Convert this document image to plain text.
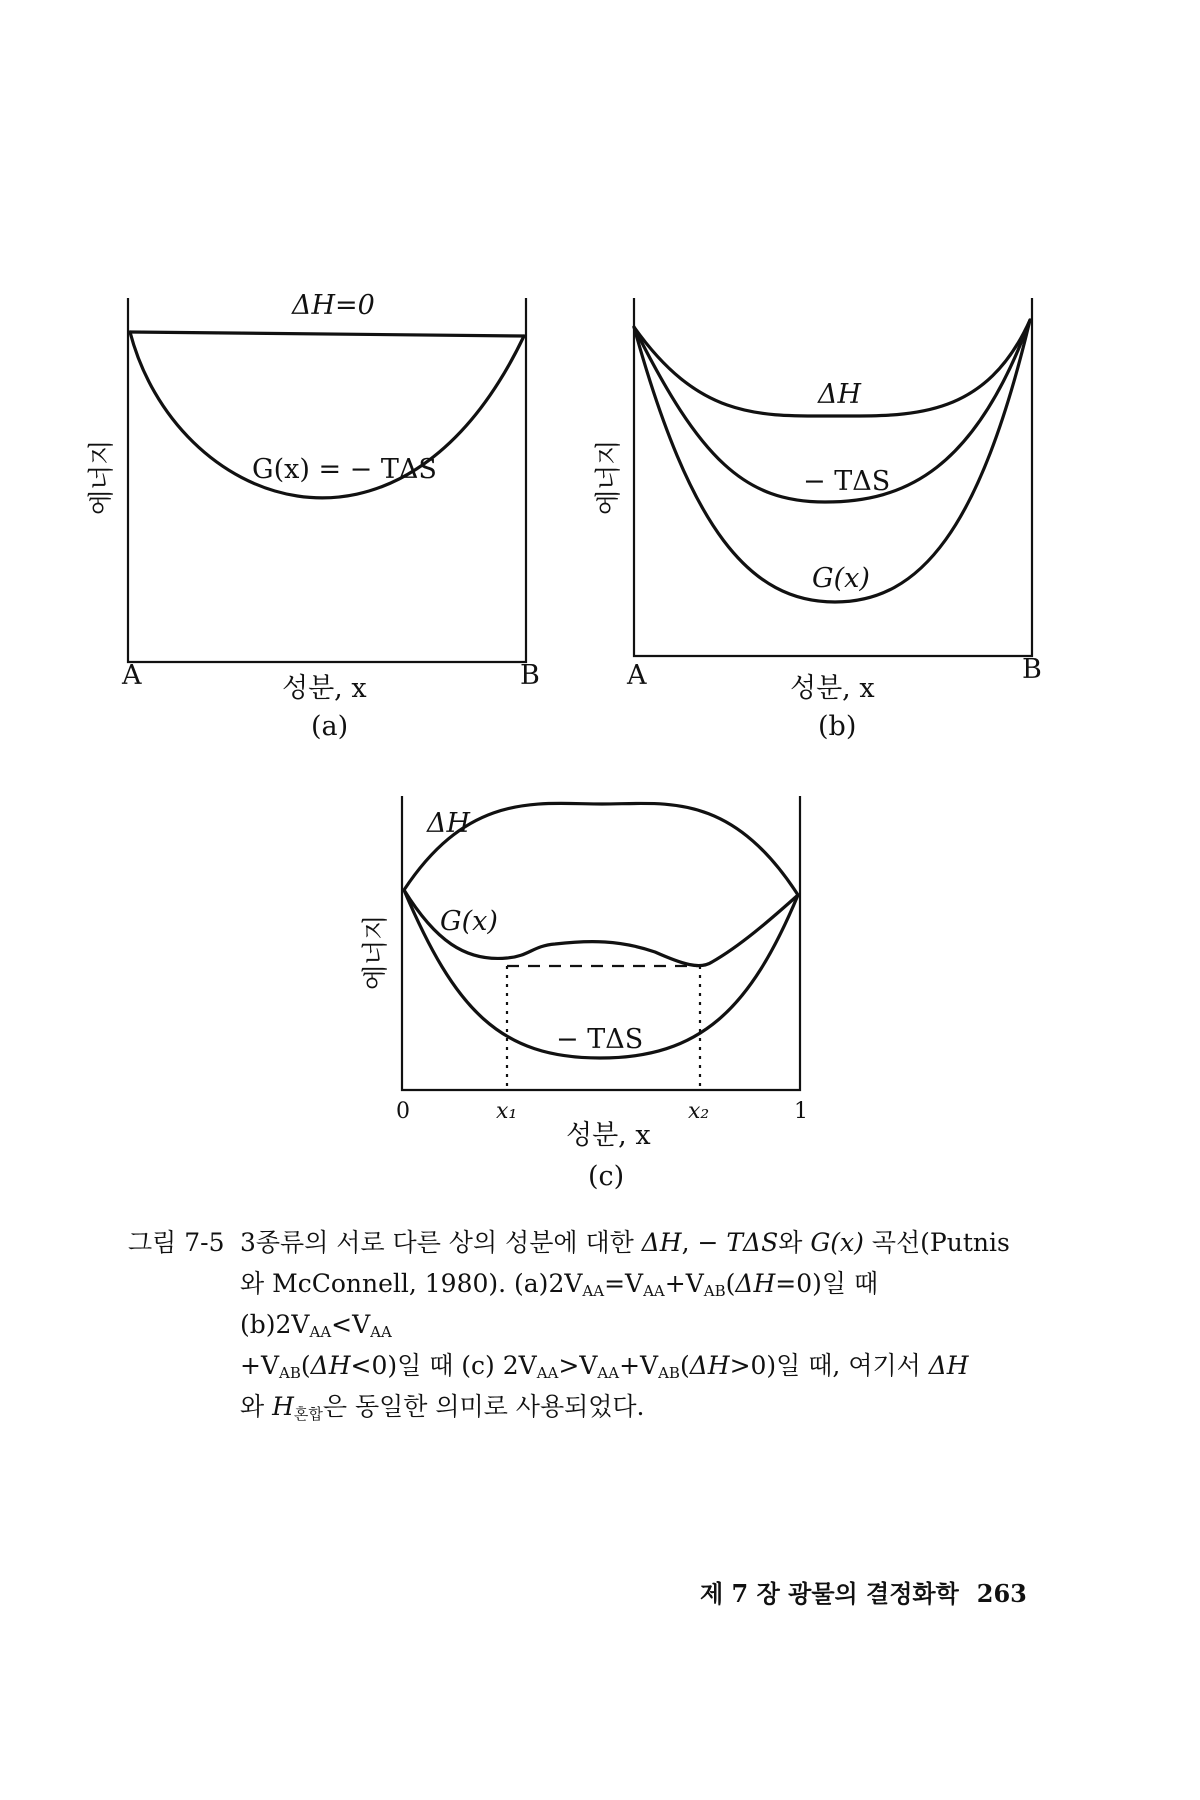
ΔH=0
G(x) = − TΔS
에너지
A	B
성분, x
(a)
ΔH
− TΔS
G(x)
에너지
A	B
성분, x
(b)
ΔH
G(x)
− TΔS
에너지
0	x₁	x₂	1
성분, x
(c)
그림 7-5 3종류의 서로 다른 상의 성분에 대한 ΔH, − TΔS와 G(x) 곡선(Putnis
와 McConnell, 1980). $(a)2V_{AA}=V_{AA}+V_{AB}(\Delta H=0)$일 때 $(b)2V_{AA}<V_{AA}$
$+V_{AB}(\Delta H<0)$일 때 (c) $2V_{AA}>V_{AA}+V_{AB}(\Delta H>0)$일 때, 여기서 ΔH
와 $H_{혼합}$은 동일한 의미로 사용되었다.
제 7 장 광물의 결정화학 263
